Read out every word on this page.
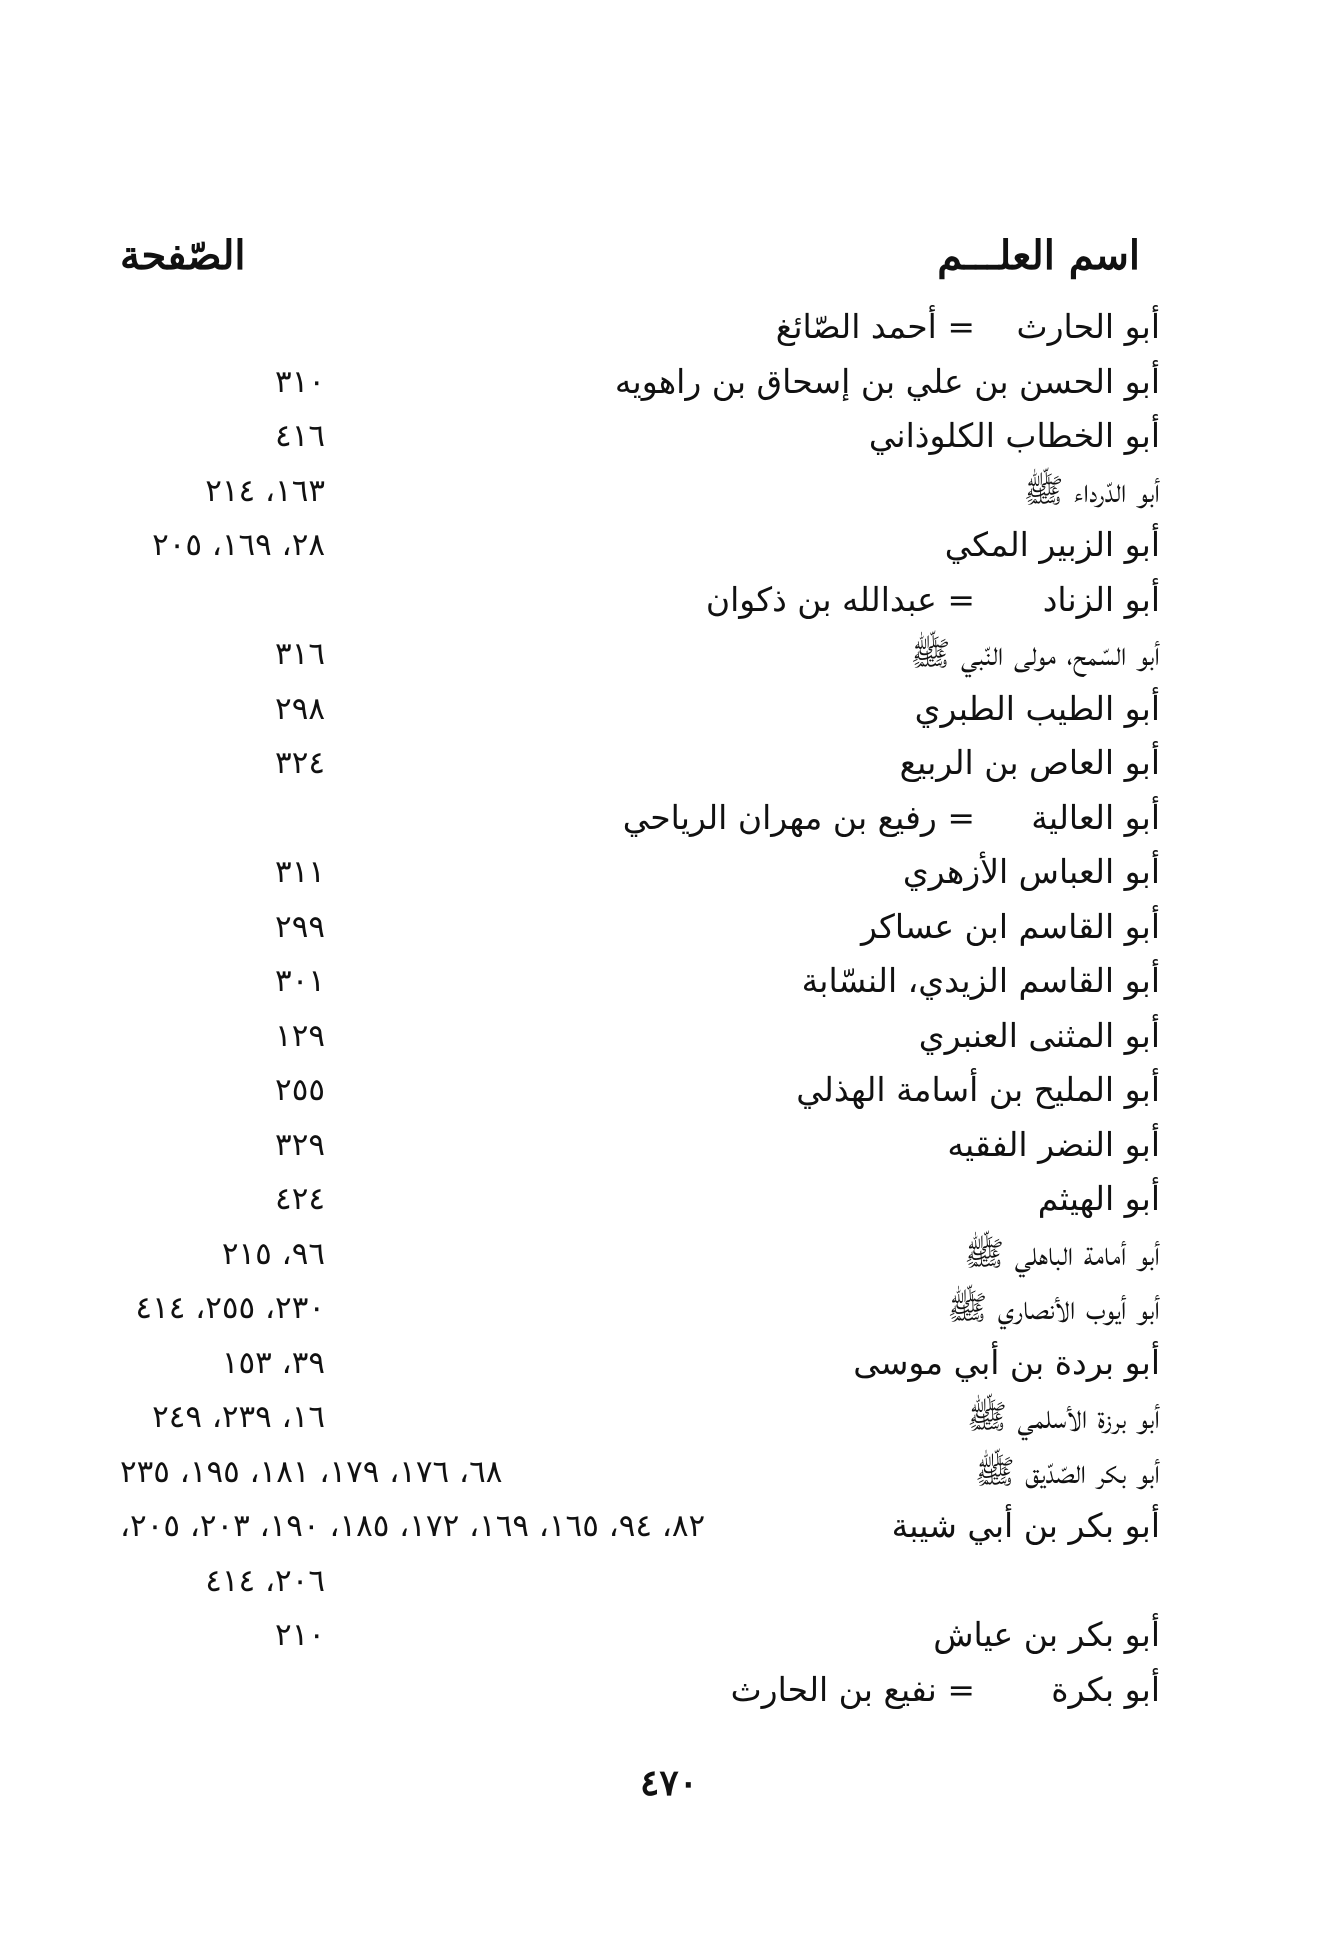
اسم العلـــم
الصّفحة
أبو الحارث= أحمد الصّائغ
أبو الحسن بن علي بن إسحاق بن راهويه
٣١٠
أبو الخطاب الكلوذاني
٤١٦
أبو الدّرداء ﷺ
١٦٣، ٢١٤
أبو الزبير المكي
٢٨، ١٦٩، ٢٠٥
أبو الزناد= عبدالله بن ذكوان
أبو السّمح، مولى النّبي ﷺ
٣١٦
أبو الطيب الطبري
٢٩٨
أبو العاص بن الربيع
٣٢٤
أبو العالية= رفيع بن مهران الرياحي
أبو العباس الأزهري
٣١١
أبو القاسم ابن عساكر
٢٩٩
أبو القاسم الزيدي، النسّابة
٣٠١
أبو المثنى العنبري
١٢٩
أبو المليح بن أسامة الهذلي
٢٥٥
أبو النضر الفقيه
٣٢٩
أبو الهيثم
٤٢٤
أبو أمامة الباهلي ﷺ
٩٦، ٢١٥
أبو أيوب الأنصاري ﷺ
٢٣٠، ٢٥٥، ٤١٤
أبو بردة بن أبي موسى
٣٩، ١٥٣
أبو برزة الأسلمي ﷺ
١٦، ٢٣٩، ٢٤٩
أبو بكر الصّدّيق ﷺ
٦٨، ١٧٦، ١٧٩، ١٨١، ١٩٥، ٢٣٥
أبو بكر بن أبي شيبة
٨٢، ٩٤، ١٦٥، ١٦٩، ١٧٢، ١٨٥، ١٩٠، ٢٠٣، ٢٠٥،
٢٠٦، ٤١٤
أبو بكر بن عياش
٢١٠
أبو بكرة= نفيع بن الحارث
٤٧٠
